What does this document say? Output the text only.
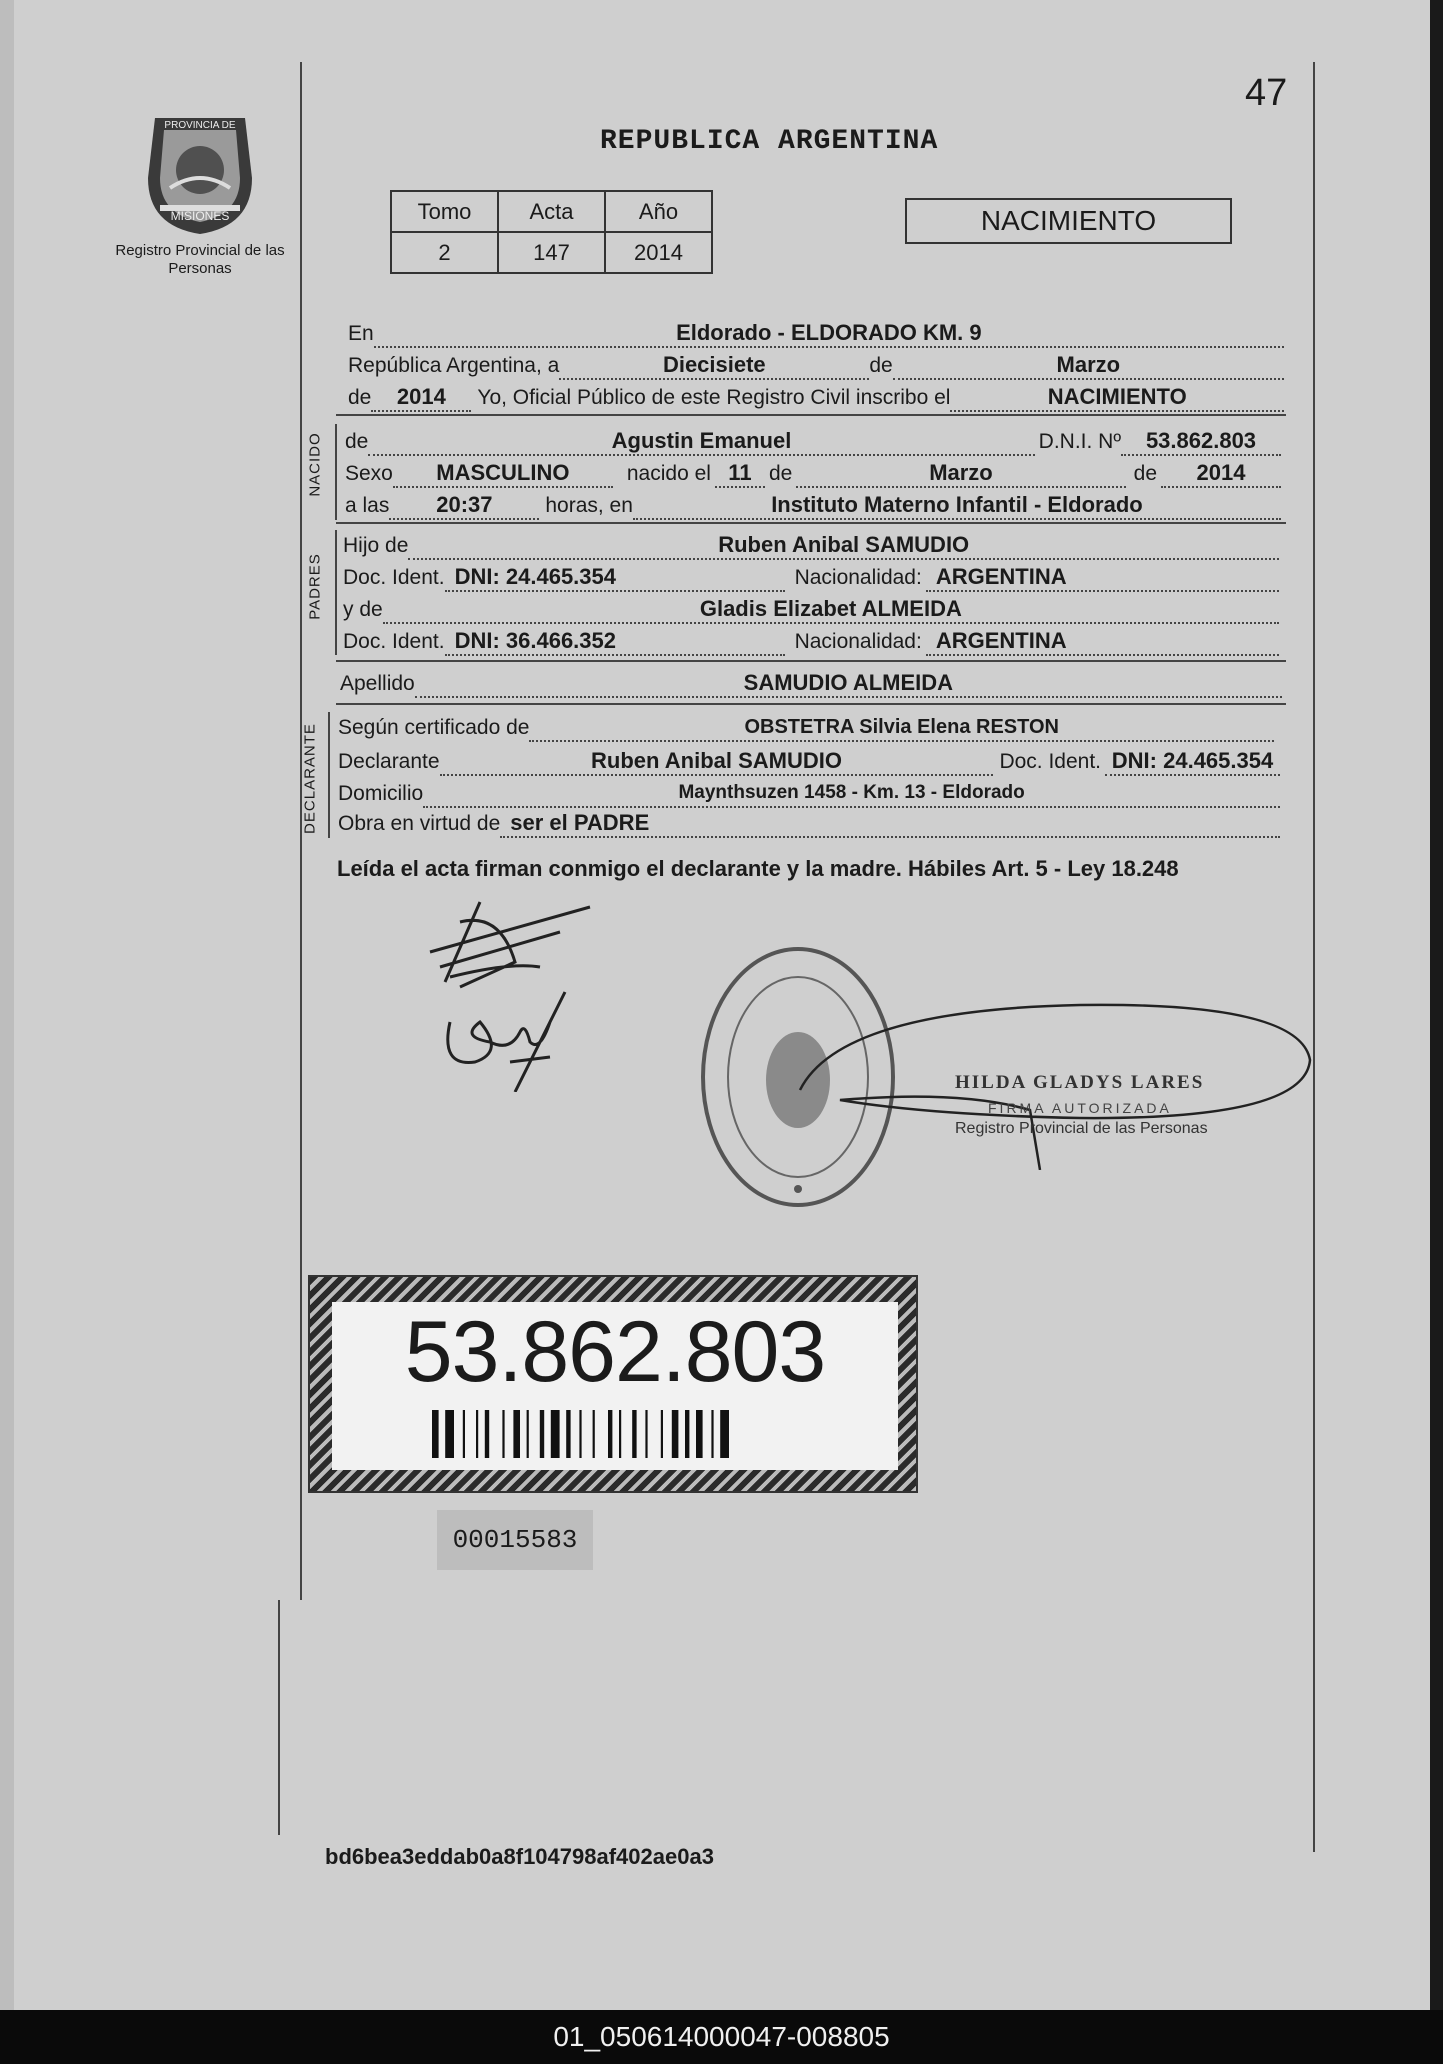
47
REPUBLICA ARGENTINA
PROVINCIA DE
MISIONES
Registro Provincial de las Personas
Tomo	Acta	Año
2	147	2014
NACIMIENTO
En	Eldorado - ELDORADO KM. 9
República Argentina, a	Diecisiete	de	Marzo
de	2014	Yo, Oficial Público de este Registro Civil inscribo el	NACIMIENTO
NACIDO de	Agustin Emanuel	D.N.I. Nº	53.862.803
Sexo	MASCULINO	nacido el 11 de	Marzo	de	2014
a las	20:37	horas, en	Instituto Materno Infantil - Eldorado
PADRES
Hijo de	Ruben Anibal SAMUDIO
Doc. Ident. DNI: 24.465.354	Nacionalidad: ARGENTINA
y de	Gladis Elizabet ALMEIDA
Doc. Ident. DNI: 36.466.352	Nacionalidad: ARGENTINA
Apellido	SAMUDIO ALMEIDA
DECLARANTE Según certificado de	OBSTETRA Silvia Elena RESTON
Declarante	Ruben Anibal SAMUDIO	Doc. Ident. DNI: 24.465.354
Domicilio	Maynthsuzen 1458 - Km. 13 - Eldorado
Obra en virtud de ser el PADRE
Leída el acta firman conmigo el declarante y la madre. Hábiles Art. 5 - Ley 18.248
HILDA GLADYS LARES
FIRMA AUTORIZADA
Registro Provincial de las Personas
53.862.803
00015583
bd6bea3eddab0a8f104798af402ae0a3
01_050614000047-008805
